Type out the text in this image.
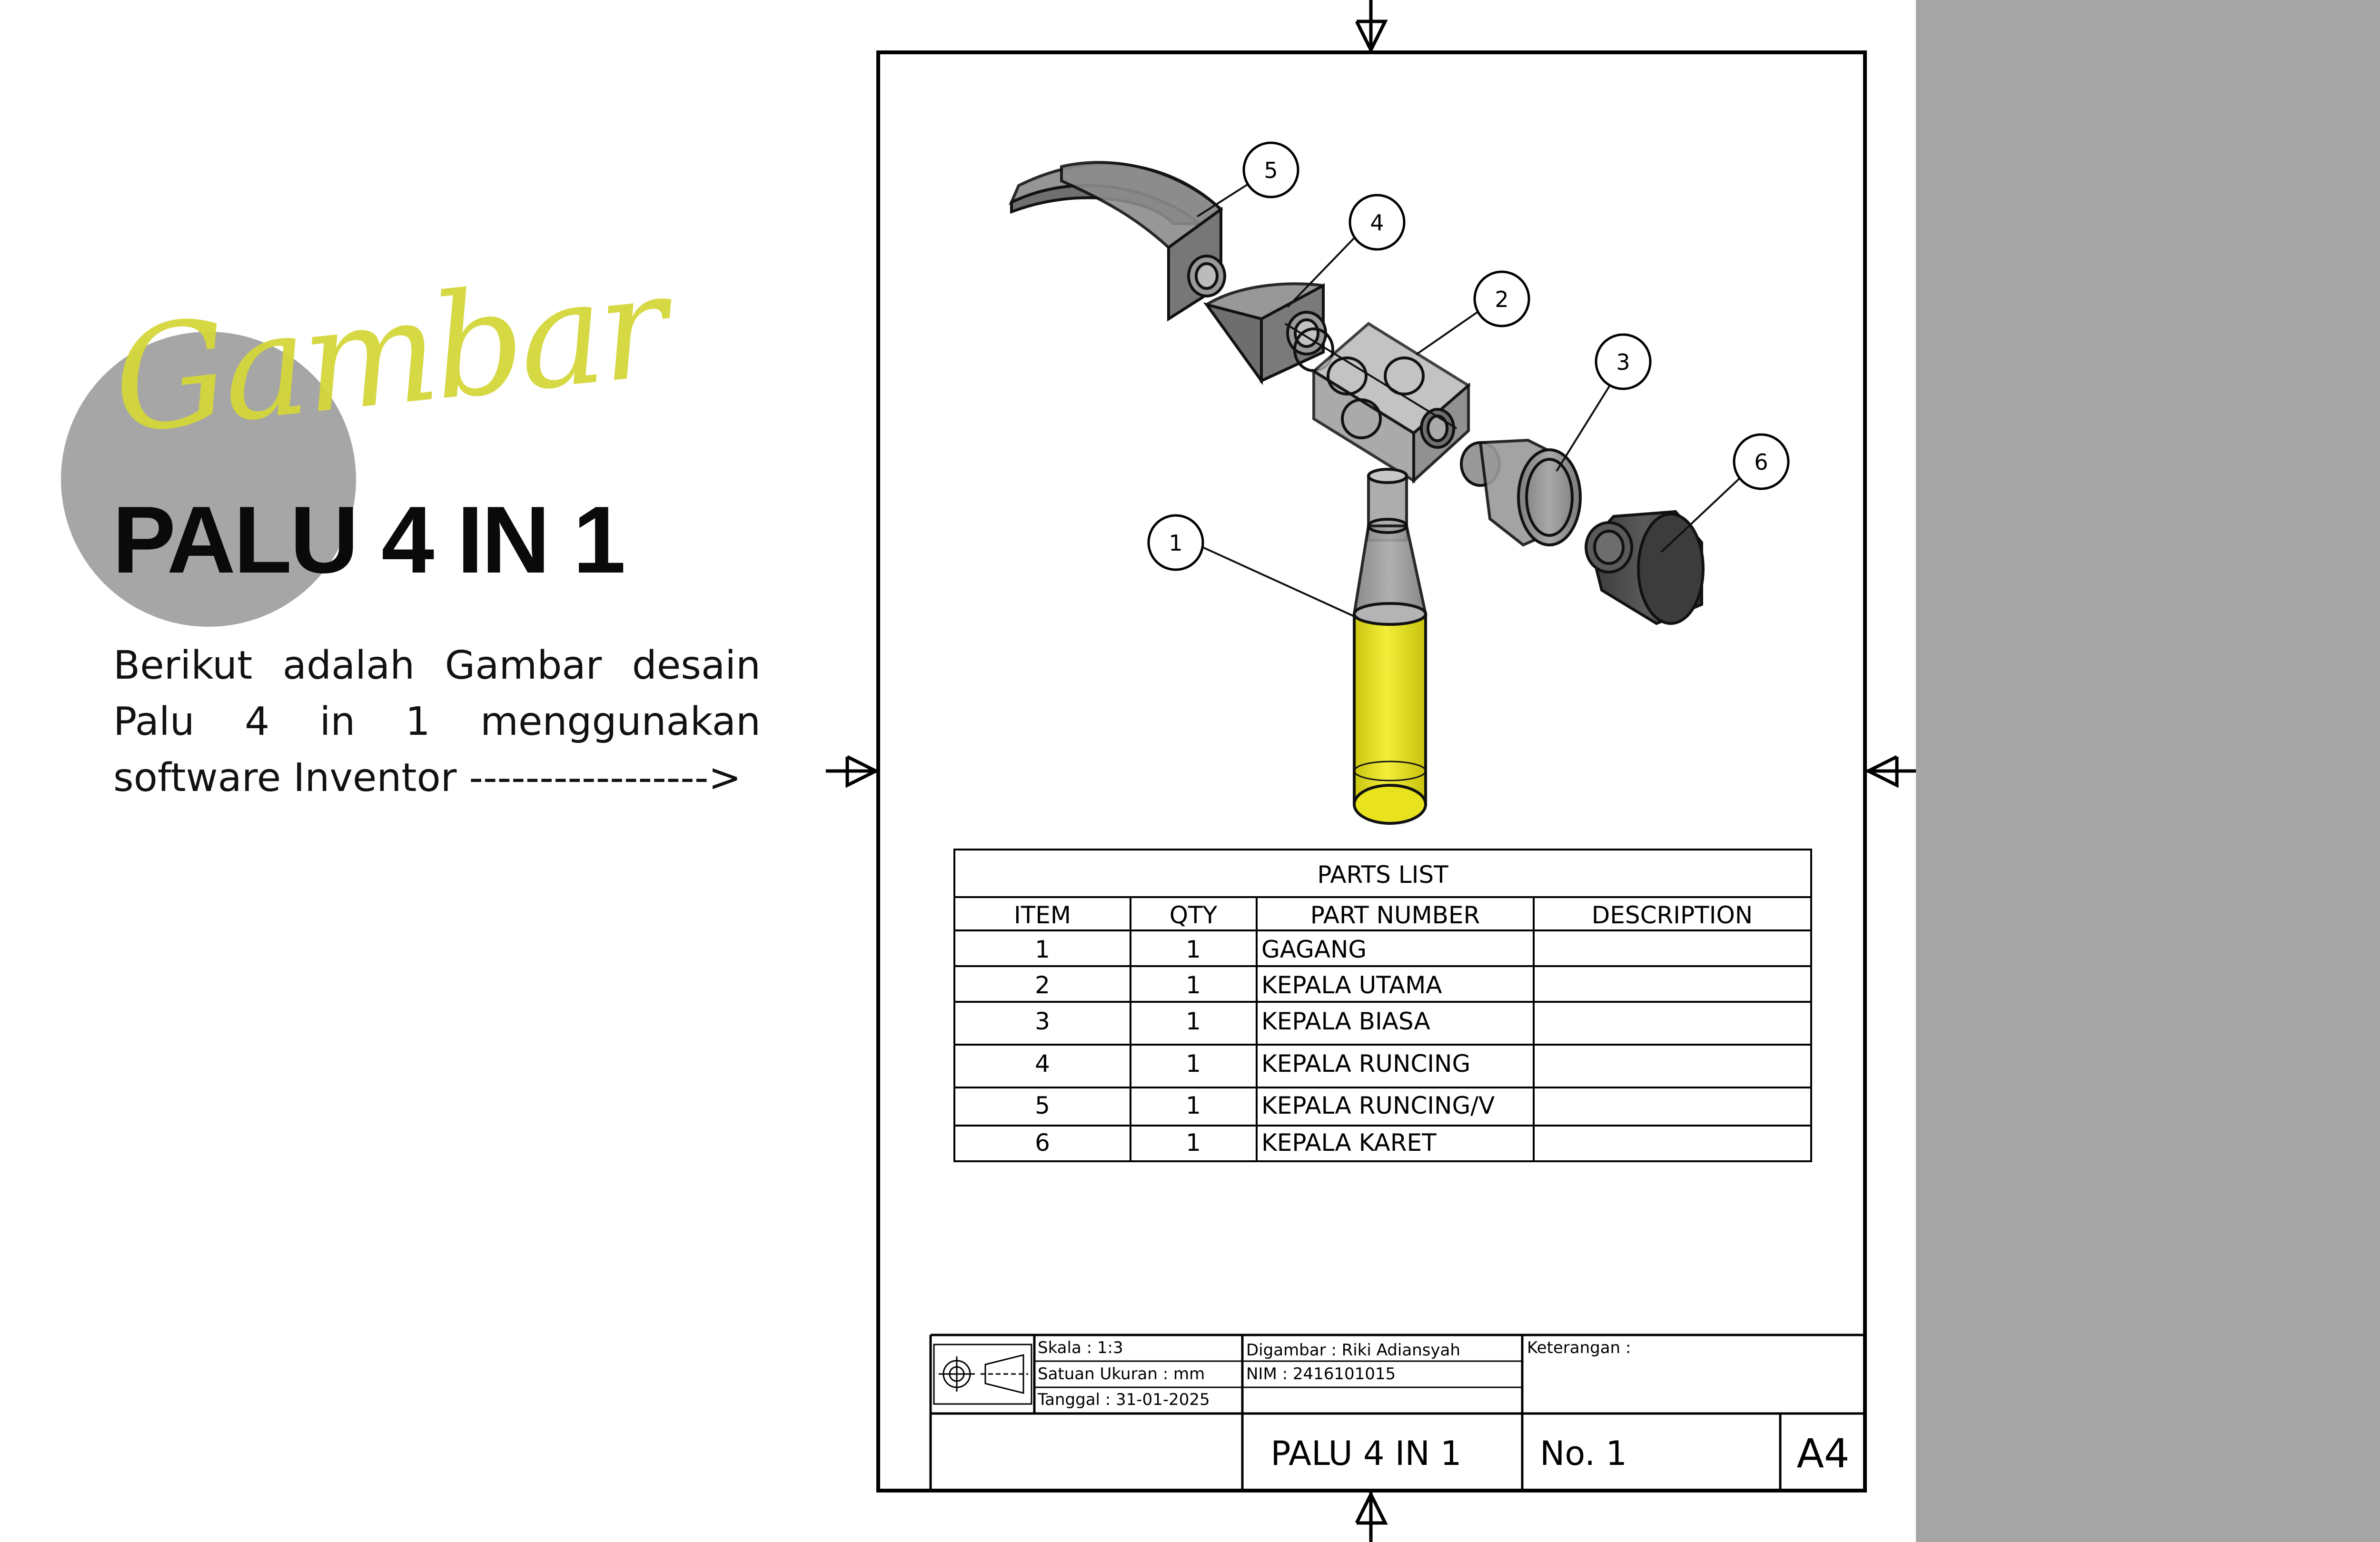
Gambar
PALU 4 IN 1
Berikut adalah Gambar desain Palu 4 in 1 menggunakan software Inventor ----------------->
1
2
3
4
5
6
PARTS LIST
ITEM	QTY	PART NUMBER	DESCRIPTION
1	1	GAGANG
2	1	KEPALA UTAMA
3	1	KEPALA BIASA
4	1	KEPALA RUNCING
5	1	KEPALA RUNCING/V
6	1	KEPALA KARET
Skala : 1:3
Satuan Ukuran : mm
Tanggal : 31-01-2025
Digambar : Riki Adiansyah
NIM : 2416101015
Keterangan :
PALU 4 IN 1 No. 1	A4
